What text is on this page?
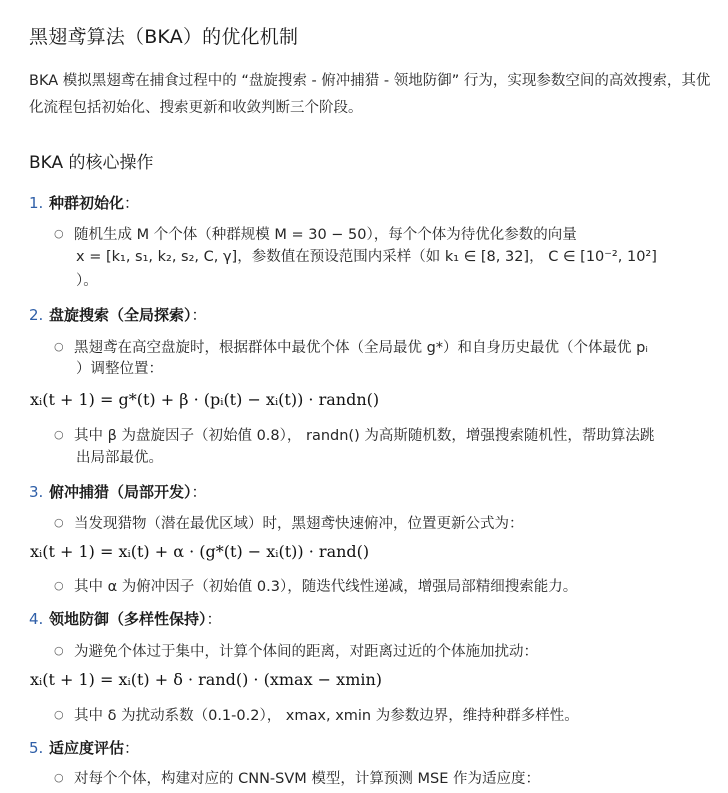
黑翅鸢算法（BKA）的优化机制
BKA 模拟黑翅鸢在捕食过程中的 “盘旋搜索 - 俯冲捕猎 - 领地防御” 行为，实现参数空间的高效搜索，其优化流程包括初始化、搜索更新和收敛判断三个阶段。
BKA 的核心操作
1. 种群初始化：
○ 随机生成 M 个个体（种群规模 M = 30 − 50），每个个体为待优化参数的向量
x = [k₁, s₁, k₂, s₂, C, γ]，参数值在预设范围内采样（如 k₁ ∈ [8, 32]， C ∈ [10⁻², 10²]
）。
2. 盘旋搜索（全局探索）：
○ 黑翅鸢在高空盘旋时，根据群体中最优个体（全局最优 g*）和自身历史最优（个体最优 pᵢ
）调整位置：
xᵢ(t + 1) = g*(t) + β · (pᵢ(t) − xᵢ(t)) · randn()
○ 其中 β 为盘旋因子（初始值 0.8）， randn() 为高斯随机数，增强搜索随机性，帮助算法跳
出局部最优。
3. 俯冲捕猎（局部开发）：
○ 当发现猎物（潜在最优区域）时，黑翅鸢快速俯冲，位置更新公式为：
xᵢ(t + 1) = xᵢ(t) + α · (g*(t) − xᵢ(t)) · rand()
○ 其中 α 为俯冲因子（初始值 0.3），随迭代线性递减，增强局部精细搜索能力。
4. 领地防御（多样性保持）：
○ 为避免个体过于集中，计算个体间的距离，对距离过近的个体施加扰动：
xᵢ(t + 1) = xᵢ(t) + δ · rand() · (xmax − xmin)
○ 其中 δ 为扰动系数（0.1-0.2）， xmax, xmin 为参数边界，维持种群多样性。
5. 适应度评估：
○ 对每个个体，构建对应的 CNN-SVM 模型，计算预测 MSE 作为适应度：
